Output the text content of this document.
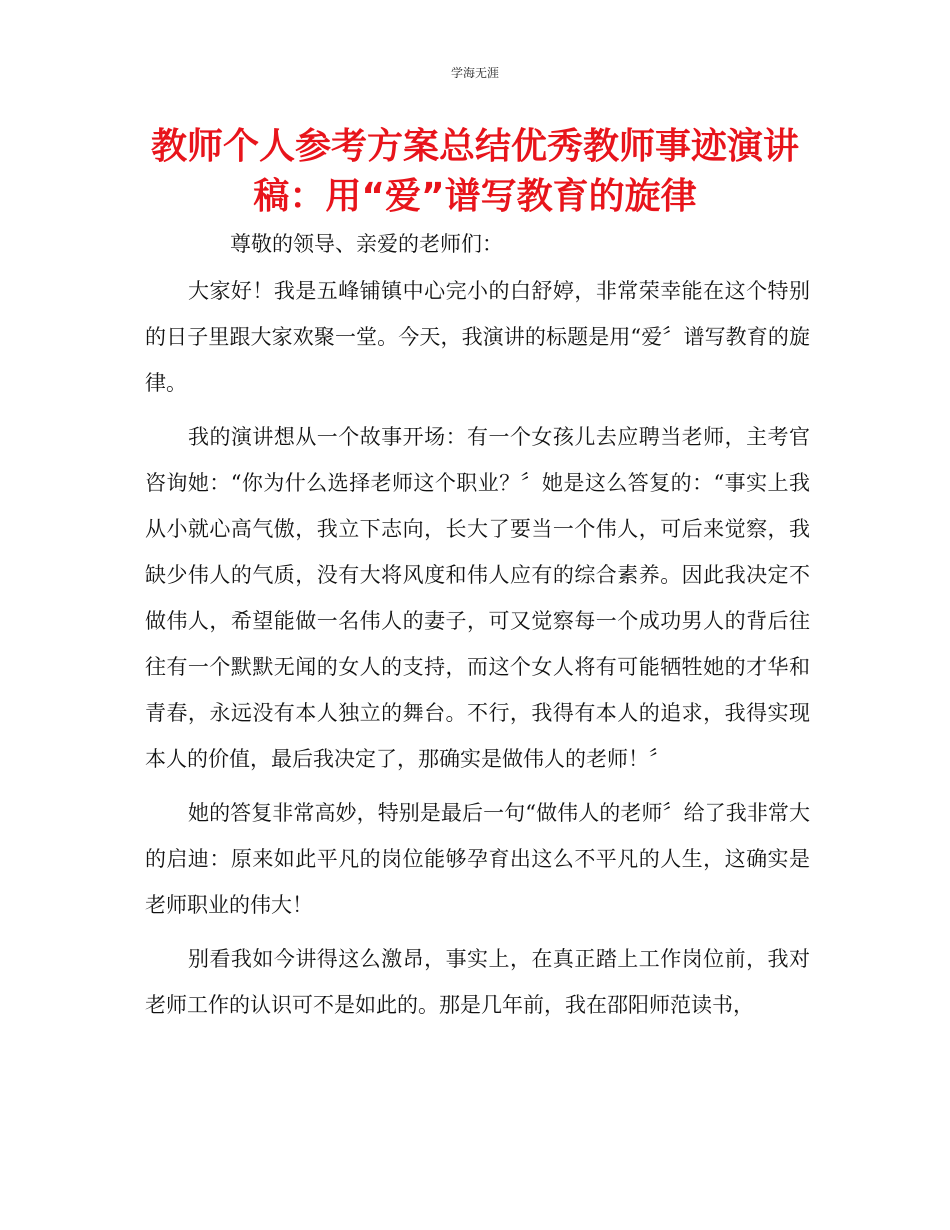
学海无涯
教师个人参考方案总结优秀教师事迹演讲
稿：用“爱”谱写教育的旋律
尊敬的领导、亲爱的老师们：

大家好！我是五峰铺镇中心完小的白舒婷，非常荣幸能在这个特别的日子里跟大家欢聚一堂。今天，我演讲的标题是用“爱〞谱写教育的旋律。

我的演讲想从一个故事开场：有一个女孩儿去应聘当老师，主考官咨询她：“你为什么选择老师这个职业？〞她是这么答复的：“事实上我从小就心高气傲，我立下志向，长大了要当一个伟人，可后来觉察，我缺少伟人的气质，没有大将风度和伟人应有的综合素养。因此我决定不做伟人，希望能做一名伟人的妻子，可又觉察每一个成功男人的背后往往有一个默默无闻的女人的支持，而这个女人将有可能牺牲她的才华和青春，永远没有本人独立的舞台。不行，我得有本人的追求，我得实现本人的价值，最后我决定了，那确实是做伟人的老师！〞

她的答复非常高妙，特别是最后一句“做伟人的老师〞给了我非常大的启迪：原来如此平凡的岗位能够孕育出这么不平凡的人生，这确实是老师职业的伟大！

别看我如今讲得这么激昂，事实上，在真正踏上工作岗位前，我对老师工作的认识可不是如此的。那是几年前，我在邵阳师范读书，
